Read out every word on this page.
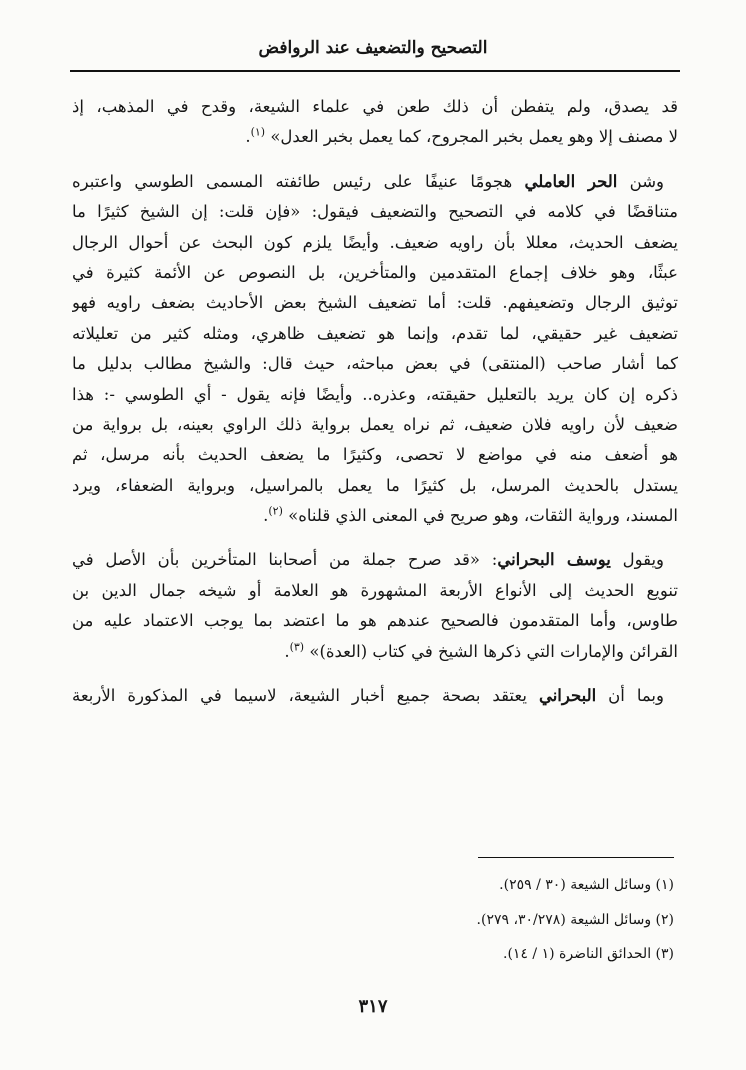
التصحيح والتضعيف عند الروافض
قد يصدق، ولم يتفطن أن ذلك طعن في علماء الشيعة، وقدح في المذهب، إذ
لا مصنف إلا وهو يعمل بخبر المجروح، كما يعمل بخبر العدل» $^{(١)}$.
وشن الحر العاملي هجومًا عنيفًا على رئيس طائفته المسمى الطوسي واعتبره
متناقضًا في كلامه في التصحيح والتضعيف فيقول: «فإن قلت: إن الشيخ كثيرًا ما
يضعف الحديث، معللا بأن راويه ضعيف. وأيضًا يلزم كون البحث عن أحوال الرجال
عبثًا، وهو خلاف إجماع المتقدمين والمتأخرين، بل النصوص عن الأئمة كثيرة في
توثيق الرجال وتضعيفهم. قلت: أما تضعيف الشيخ بعض الأحاديث بضعف راويه فهو
تضعيف غير حقيقي، لما تقدم، وإنما هو تضعيف ظاهري، ومثله كثير من تعليلاته
كما أشار صاحب (المنتقى) في بعض مباحثه، حيث قال: والشيخ مطالب بدليل ما
ذكره إن كان يريد بالتعليل حقيقته، وعذره.. وأيضًا فإنه يقول - أي الطوسي -: هذا
ضعيف لأن راويه فلان ضعيف، ثم نراه يعمل برواية ذلك الراوي بعينه، بل برواية من
هو أضعف منه في مواضع لا تحصى، وكثيرًا ما يضعف الحديث بأنه مرسل، ثم
يستدل بالحديث المرسل، بل كثيرًا ما يعمل بالمراسيل، وبرواية الضعفاء، ويرد
المسند، ورواية الثقات، وهو صريح في المعنى الذي قلناه» $^{(٢)}$.
ويقول يوسف البحراني: «قد صرح جملة من أصحابنا المتأخرين بأن الأصل في
تنويع الحديث إلى الأنواع الأربعة المشهورة هو العلامة أو شيخه جمال الدين بن
طاوس، وأما المتقدمون فالصحيح عندهم هو ما اعتضد بما يوجب الاعتماد عليه من
القرائن والإمارات التي ذكرها الشيخ في كتاب (العدة)» $^{(٣)}$.
وبما أن البحراني يعتقد بصحة جميع أخبار الشيعة، لاسيما في المذكورة الأربعة
(١) وسائل الشيعة (٣٠ / ٢٥٩).
(٢) وسائل الشيعة (٣٠/٢٧٨، ٢٧٩).
(٣) الحدائق الناضرة (١ / ١٤).
٣١٧
